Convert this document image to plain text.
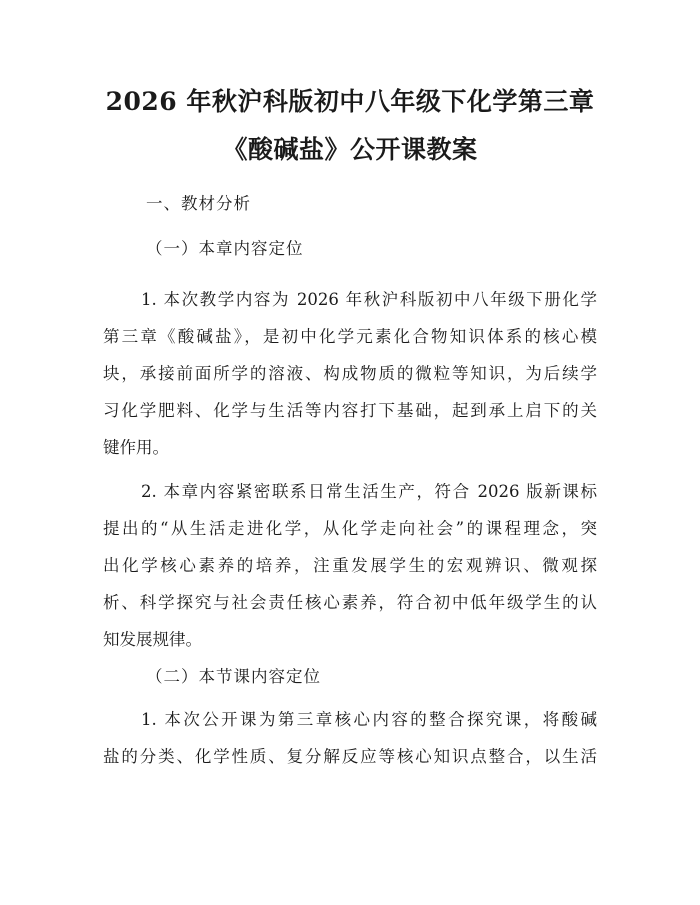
2026 年秋沪科版初中八年级下化学第三章
《酸碱盐》公开课教案
一、教材分析
（一）本章内容定位
1. 本次教学内容为 2026 年秋沪科版初中八年级下册化学
第三章《酸碱盐》，是初中化学元素化合物知识体系的核心模
块，承接前面所学的溶液、构成物质的微粒等知识，为后续学
习化学肥料、化学与生活等内容打下基础，起到承上启下的关
键作用。
2. 本章内容紧密联系日常生活生产，符合 2026 版新课标
提出的“从生活走进化学，从化学走向社会”的课程理念，突
出化学核心素养的培养，注重发展学生的宏观辨识、微观探
析、科学探究与社会责任核心素养，符合初中低年级学生的认
知发展规律。
（二）本节课内容定位
1. 本次公开课为第三章核心内容的整合探究课，将酸碱
盐的分类、化学性质、复分解反应等核心知识点整合，以生活
